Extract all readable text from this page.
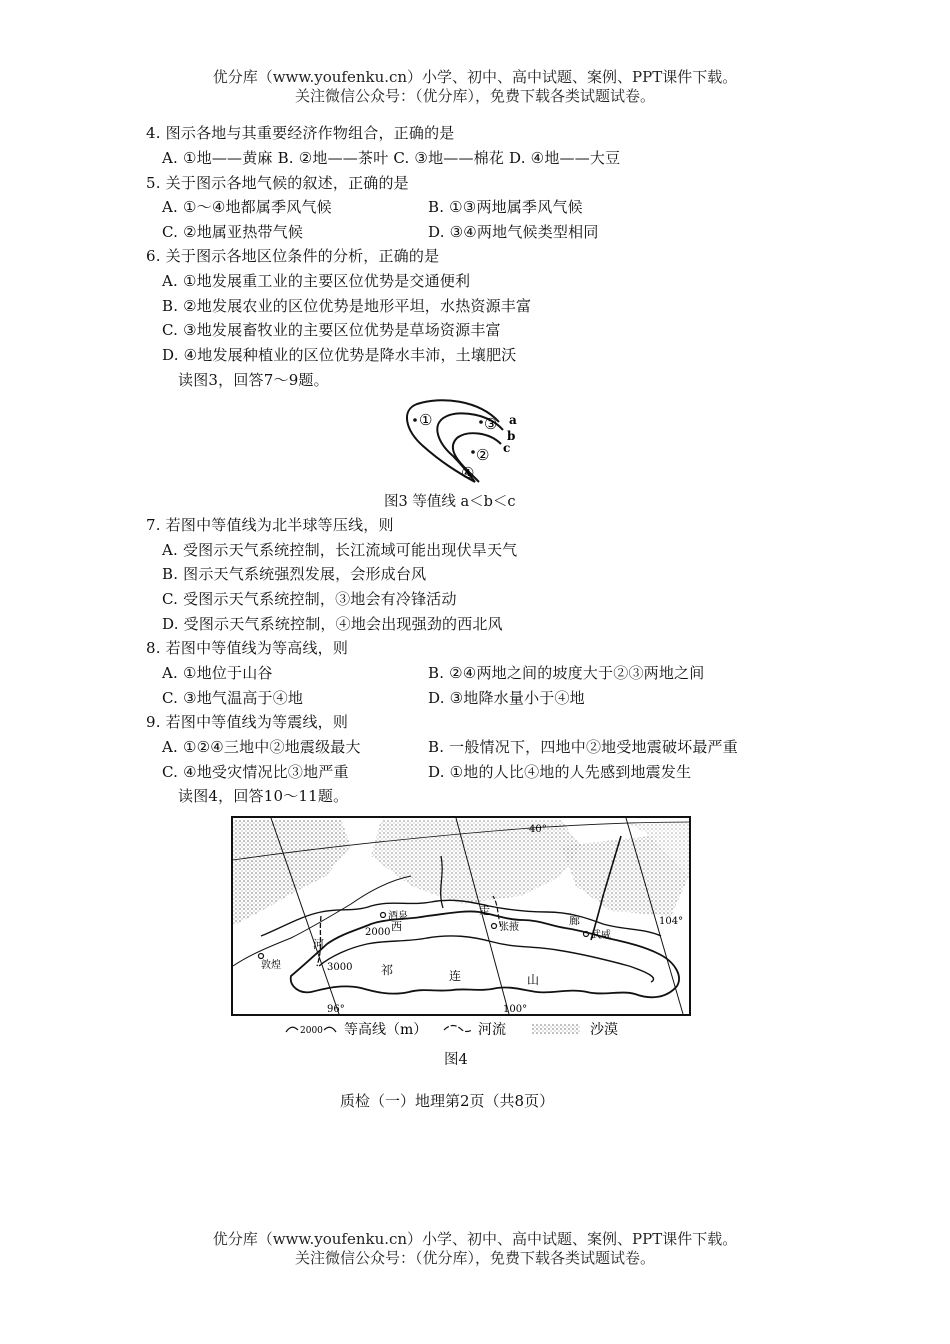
优分库（www.youfenku.cn）小学、初中、高中试题、案例、PPT课件下载。
关注微信公众号：（优分库），免费下载各类试题试卷。
4. 图示各地与其重要经济作物组合，正确的是
A. ①地——黄麻 B. ②地——茶叶 C. ③地——棉花 D. ④地——大豆
5. 关于图示各地气候的叙述，正确的是
A. ①～④地都属季风气候	B. ①③两地属季风气候
C. ②地属亚热带气候	D. ③④两地气候类型相同
6. 关于图示各地区位条件的分析，正确的是
A. ①地发展重工业的主要区位优势是交通便利
B. ②地发展农业的区位优势是地形平坦，水热资源丰富
C. ③地发展畜牧业的主要区位优势是草场资源丰富
D. ④地发展种植业的区位优势是降水丰沛，土壤肥沃
读图3，回答7～9题。
①	③
②
④
a
b
c
图3 等值线 a＜b＜c
7. 若图中等值线为北半球等压线，则
A. 受图示天气系统控制，长江流域可能出现伏旱天气
B. 图示天气系统强烈发展，会形成台风
C. 受图示天气系统控制，③地会有冷锋活动
D. 受图示天气系统控制，④地会出现强劲的西北风
8. 若图中等值线为等高线，则
A. ①地位于山谷	B. ②④两地之间的坡度大于②③两地之间
C. ③地气温高于④地	D. ③地降水量小于④地
9. 若图中等值线为等震线，则
A. ①②④三地中②地震级最大	B. 一般情况下，四地中②地受地震破坏最严重
C. ④地受灾情况比③地严重	D. ①地的人比④地的人先感到地震发生
读图4，回答10～11题。
酒泉
张掖
武威
敦煌
西
走
廊
河
祁	连	山
2000
3000
40°
104°
96°	100°
2000 等高线（m）	河流	沙漠
图4
质检（一）地理第2页（共8页）
优分库（www.youfenku.cn）小学、初中、高中试题、案例、PPT课件下载。
关注微信公众号：（优分库），免费下载各类试题试卷。
